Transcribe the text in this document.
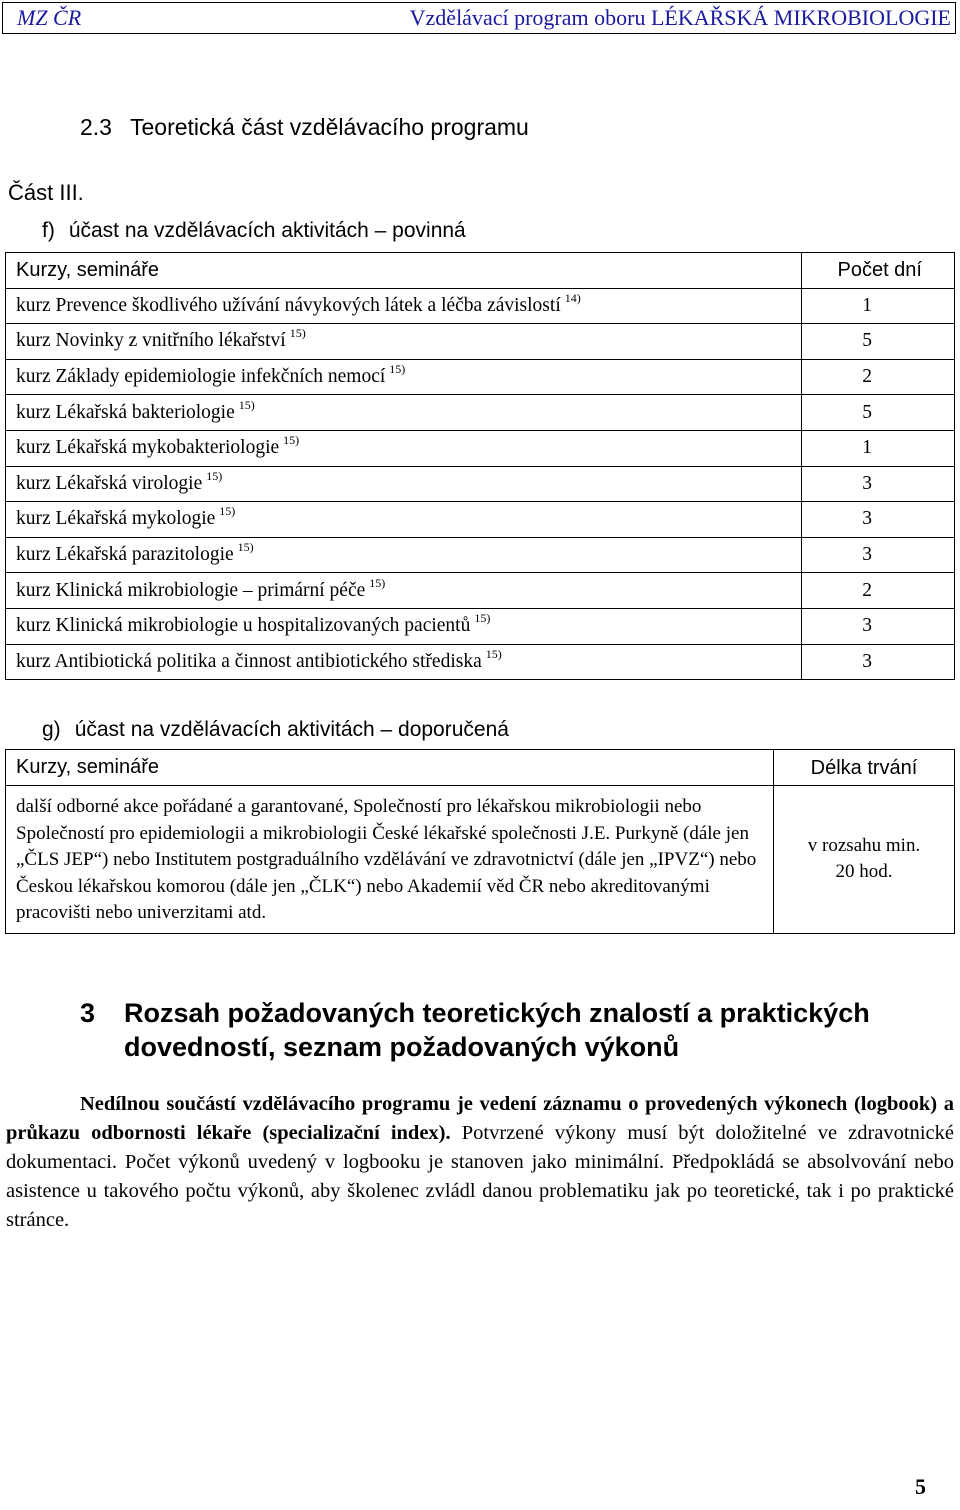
MZ ČR	Vzdělávací program oboru LÉKAŘSKÁ MIKROBIOLOGIE
2.3 Teoretická část vzdělávacího programu
Část III.
f) účast na vzdělávacích aktivitách – povinná
Kurzy, semináře	Počet dní
kurz Prevence škodlivého užívání návykových látek a léčba závislostí $^{14)}$	1
kurz Novinky z vnitřního lékařství $^{15)}$	5
kurz Základy epidemiologie infekčních nemocí $^{15)}$	2
kurz Lékařská bakteriologie $^{15)}$	5
kurz Lékařská mykobakteriologie $^{15)}$	1
kurz Lékařská virologie $^{15)}$	3
kurz Lékařská mykologie $^{15)}$	3
kurz Lékařská parazitologie $^{15)}$	3
kurz Klinická mikrobiologie – primární péče $^{15)}$	2
kurz Klinická mikrobiologie u hospitalizovaných pacientů $^{15)}$	3
kurz Antibiotická politika a činnost antibiotického střediska $^{15)}$	3
g) účast na vzdělávacích aktivitách – doporučená
Kurzy, semináře	Délka trvání
další odborné akce pořádané a garantované, Společností pro lékařskou mikrobiologii nebo Společností pro epidemiologii a mikrobiologii České lékařské společnosti J.E. Purkyně (dále jen „ČLS JEP“) nebo Institutem postgraduálního vzdělávání ve zdravotnictví (dále jen „IPVZ“) nebo Českou lékařskou komorou (dále jen „ČLK“) nebo Akademií věd ČR nebo akreditovanými pracovišti nebo univerzitami atd.	v rozsahu min.
20 hod.
3	Rozsah požadovaných teoretických znalostí a praktických dovedností, seznam požadovaných výkonů
Nedílnou součástí vzdělávacího programu je vedení záznamu o provedených výkonech (logbook) a průkazu odbornosti lékaře (specializační index). Potvrzené výkony musí být doložitelné ve zdravotnické dokumentaci. Počet výkonů uvedený v logbooku je stanoven jako minimální. Předpokládá se absolvování nebo asistence u takového počtu výkonů, aby školenec zvládl danou problematiku jak po teoretické, tak i po praktické stránce.
5
